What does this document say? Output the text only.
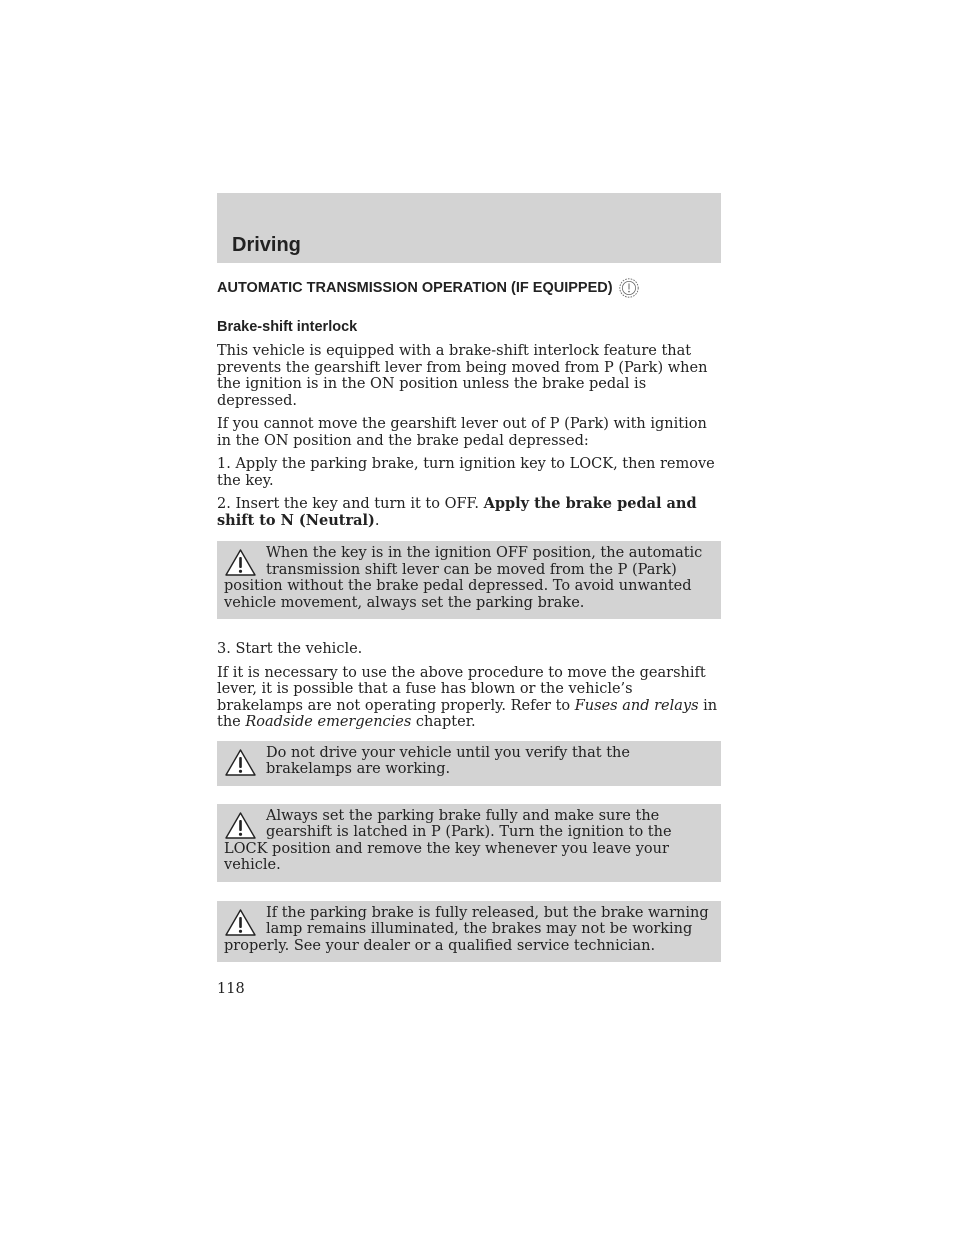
Driving
AUTOMATIC TRANSMISSION OPERATION (IF EQUIPPED)
Brake-shift interlock

This vehicle is equipped with a brake-shift interlock feature that prevents the gearshift lever from being moved from P (Park) when the ignition is in the ON position unless the brake pedal is depressed.

If you cannot move the gearshift lever out of P (Park) with ignition in the ON position and the brake pedal depressed:

1. Apply the parking brake, turn ignition key to LOCK, then remove the key.

2. Insert the key and turn it to OFF. Apply the brake pedal and shift to N (Neutral).

When the key is in the ignition OFF position, the automatic transmission shift lever can be moved from the P (Park) position without the brake pedal depressed. To avoid unwanted vehicle movement, always set the parking brake.

3. Start the vehicle.

If it is necessary to use the above procedure to move the gearshift lever, it is possible that a fuse has blown or the vehicle’s brakelamps are not operating properly. Refer to Fuses and relays in the Roadside emergencies chapter.

Do not drive your vehicle until you verify that the brakelamps are working.
Always set the parking brake fully and make sure the gearshift is latched in P (Park). Turn the ignition to the LOCK position and remove the key whenever you leave your vehicle.
If the parking brake is fully released, but the brake warning lamp remains illuminated, the brakes may not be working properly. See your dealer or a qualified service technician.
118
